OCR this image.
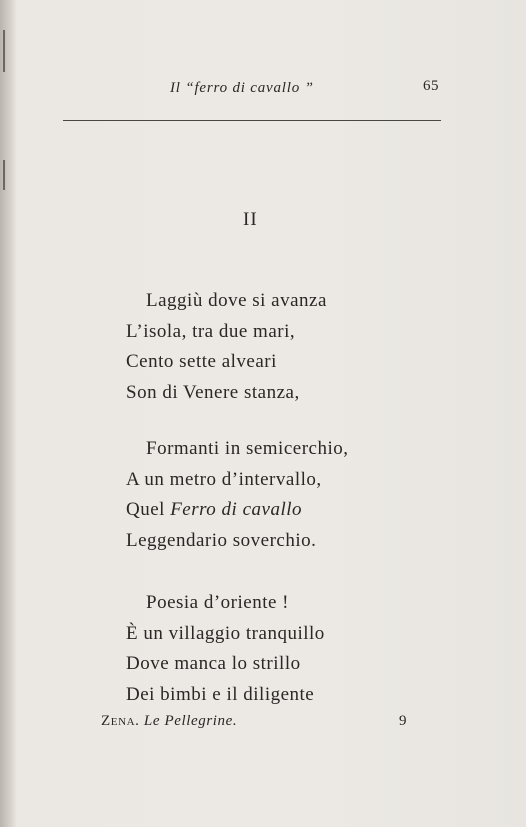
Il “ferro di cavallo ”	65
II
Laggiù dove si avanza
L’isola, tra due mari,
Cento sette alveari
Son di Venere stanza,
Formanti in semicerchio,
A un metro d’intervallo,
Quel Ferro di cavallo
Leggendario soverchio.
Poesia d’oriente !
È un villaggio tranquillo
Dove manca lo strillo
Dei bimbi e il diligente
Zena. Le Pellegrine.	9
